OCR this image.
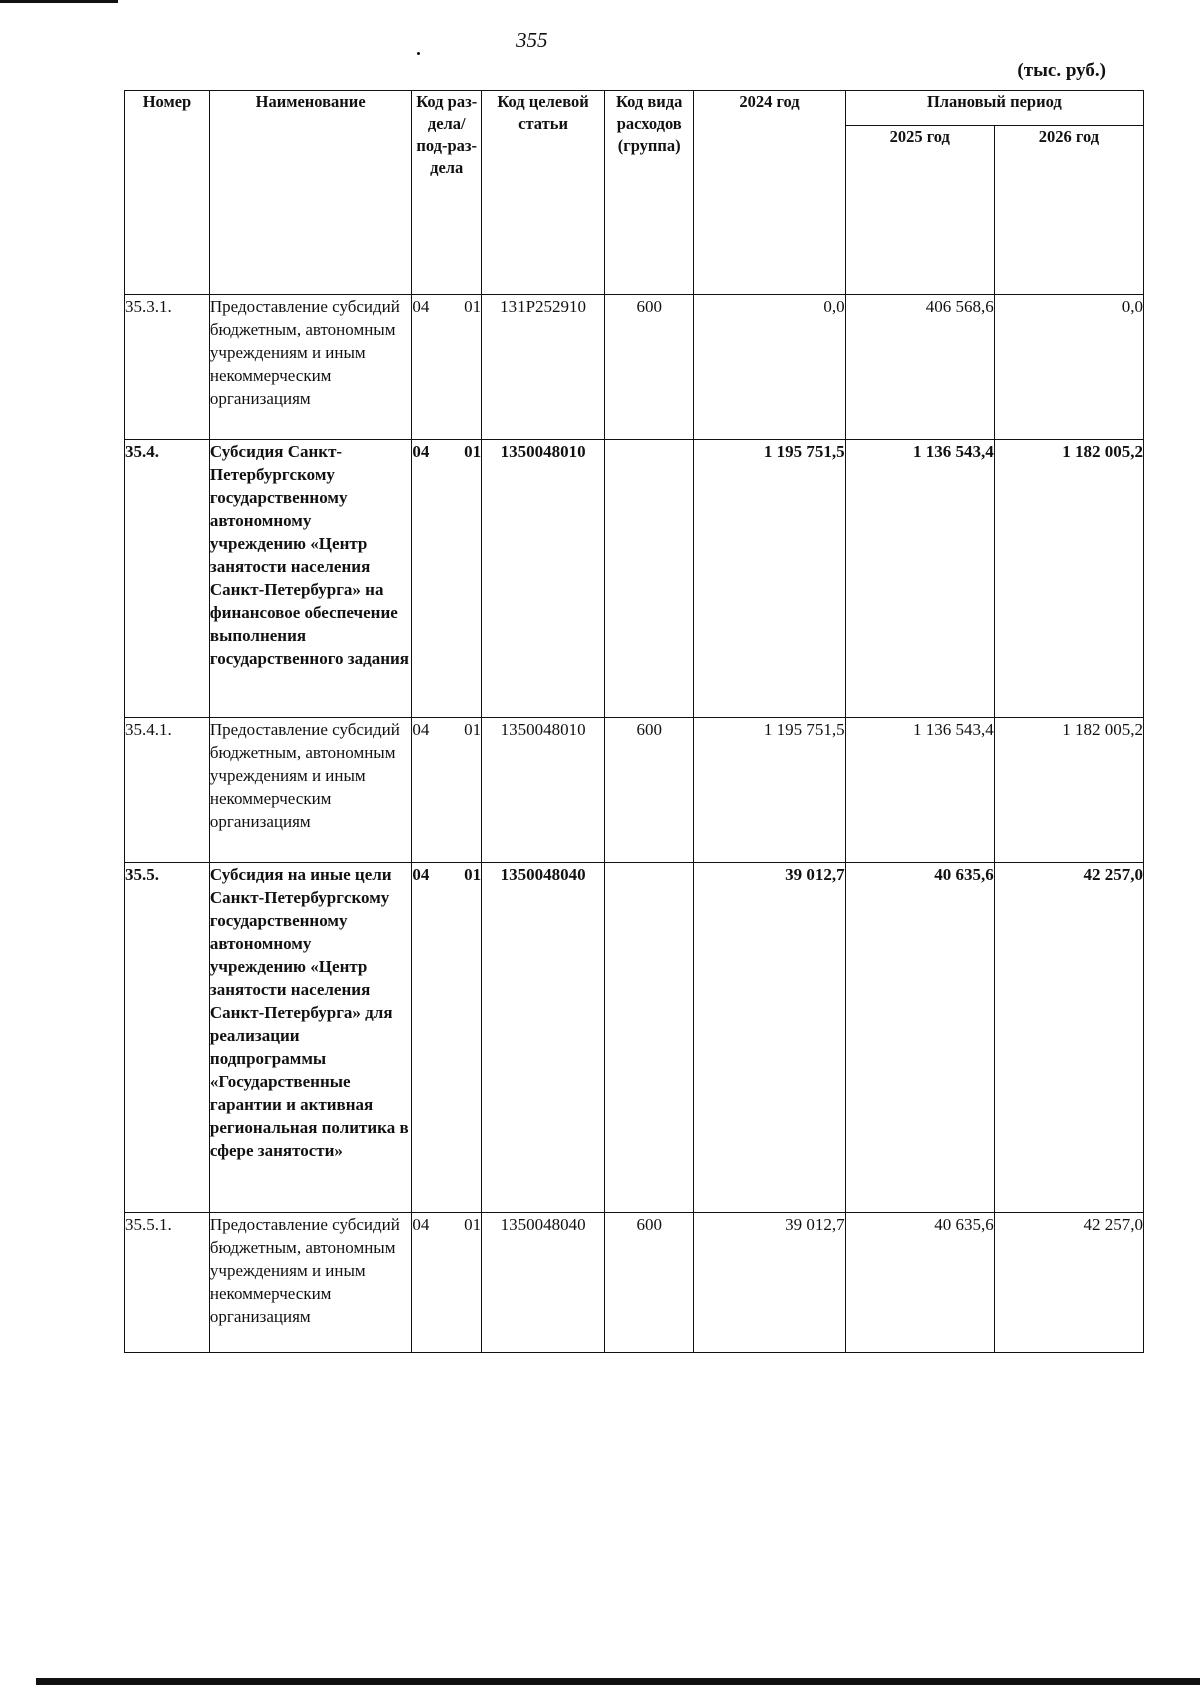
355
(тыс. руб.)
Номер	Наименование	Код раз-дела/ под-раз-дела	Код целевой статьи	Код вида расходов (группа)	2024 год	Плановый период	
						2025 год	2026 год
35.3.1.	Предоставление субсидий бюджетным, автономным учреждениям и иным некоммерческим организациям	04 01	131P252910	600	0,0	406 568,6	0,0
35.4.	Субсидия Санкт-Петербургскому государственному автономному учреждению «Центр занятости населения Санкт-Петербурга» на финансовое обеспечение выполнения государственного задания	04 01	1350048010		1 195 751,5	1 136 543,4	1 182 005,2
35.4.1.	Предоставление субсидий бюджетным, автономным учреждениям и иным некоммерческим организациям	04 01	1350048010	600	1 195 751,5	1 136 543,4	1 182 005,2
35.5.	Субсидия на иные цели Санкт-Петербургскому государственному автономному учреждению «Центр занятости населения Санкт-Петербурга» для реализации подпрограммы «Государственные гарантии и активная региональная политика в сфере занятости»	04 01	1350048040		39 012,7	40 635,6	42 257,0
35.5.1.	Предоставление субсидий бюджетным, автономным учреждениям и иным некоммерческим организациям	04 01	1350048040	600	39 012,7	40 635,6	42 257,0
